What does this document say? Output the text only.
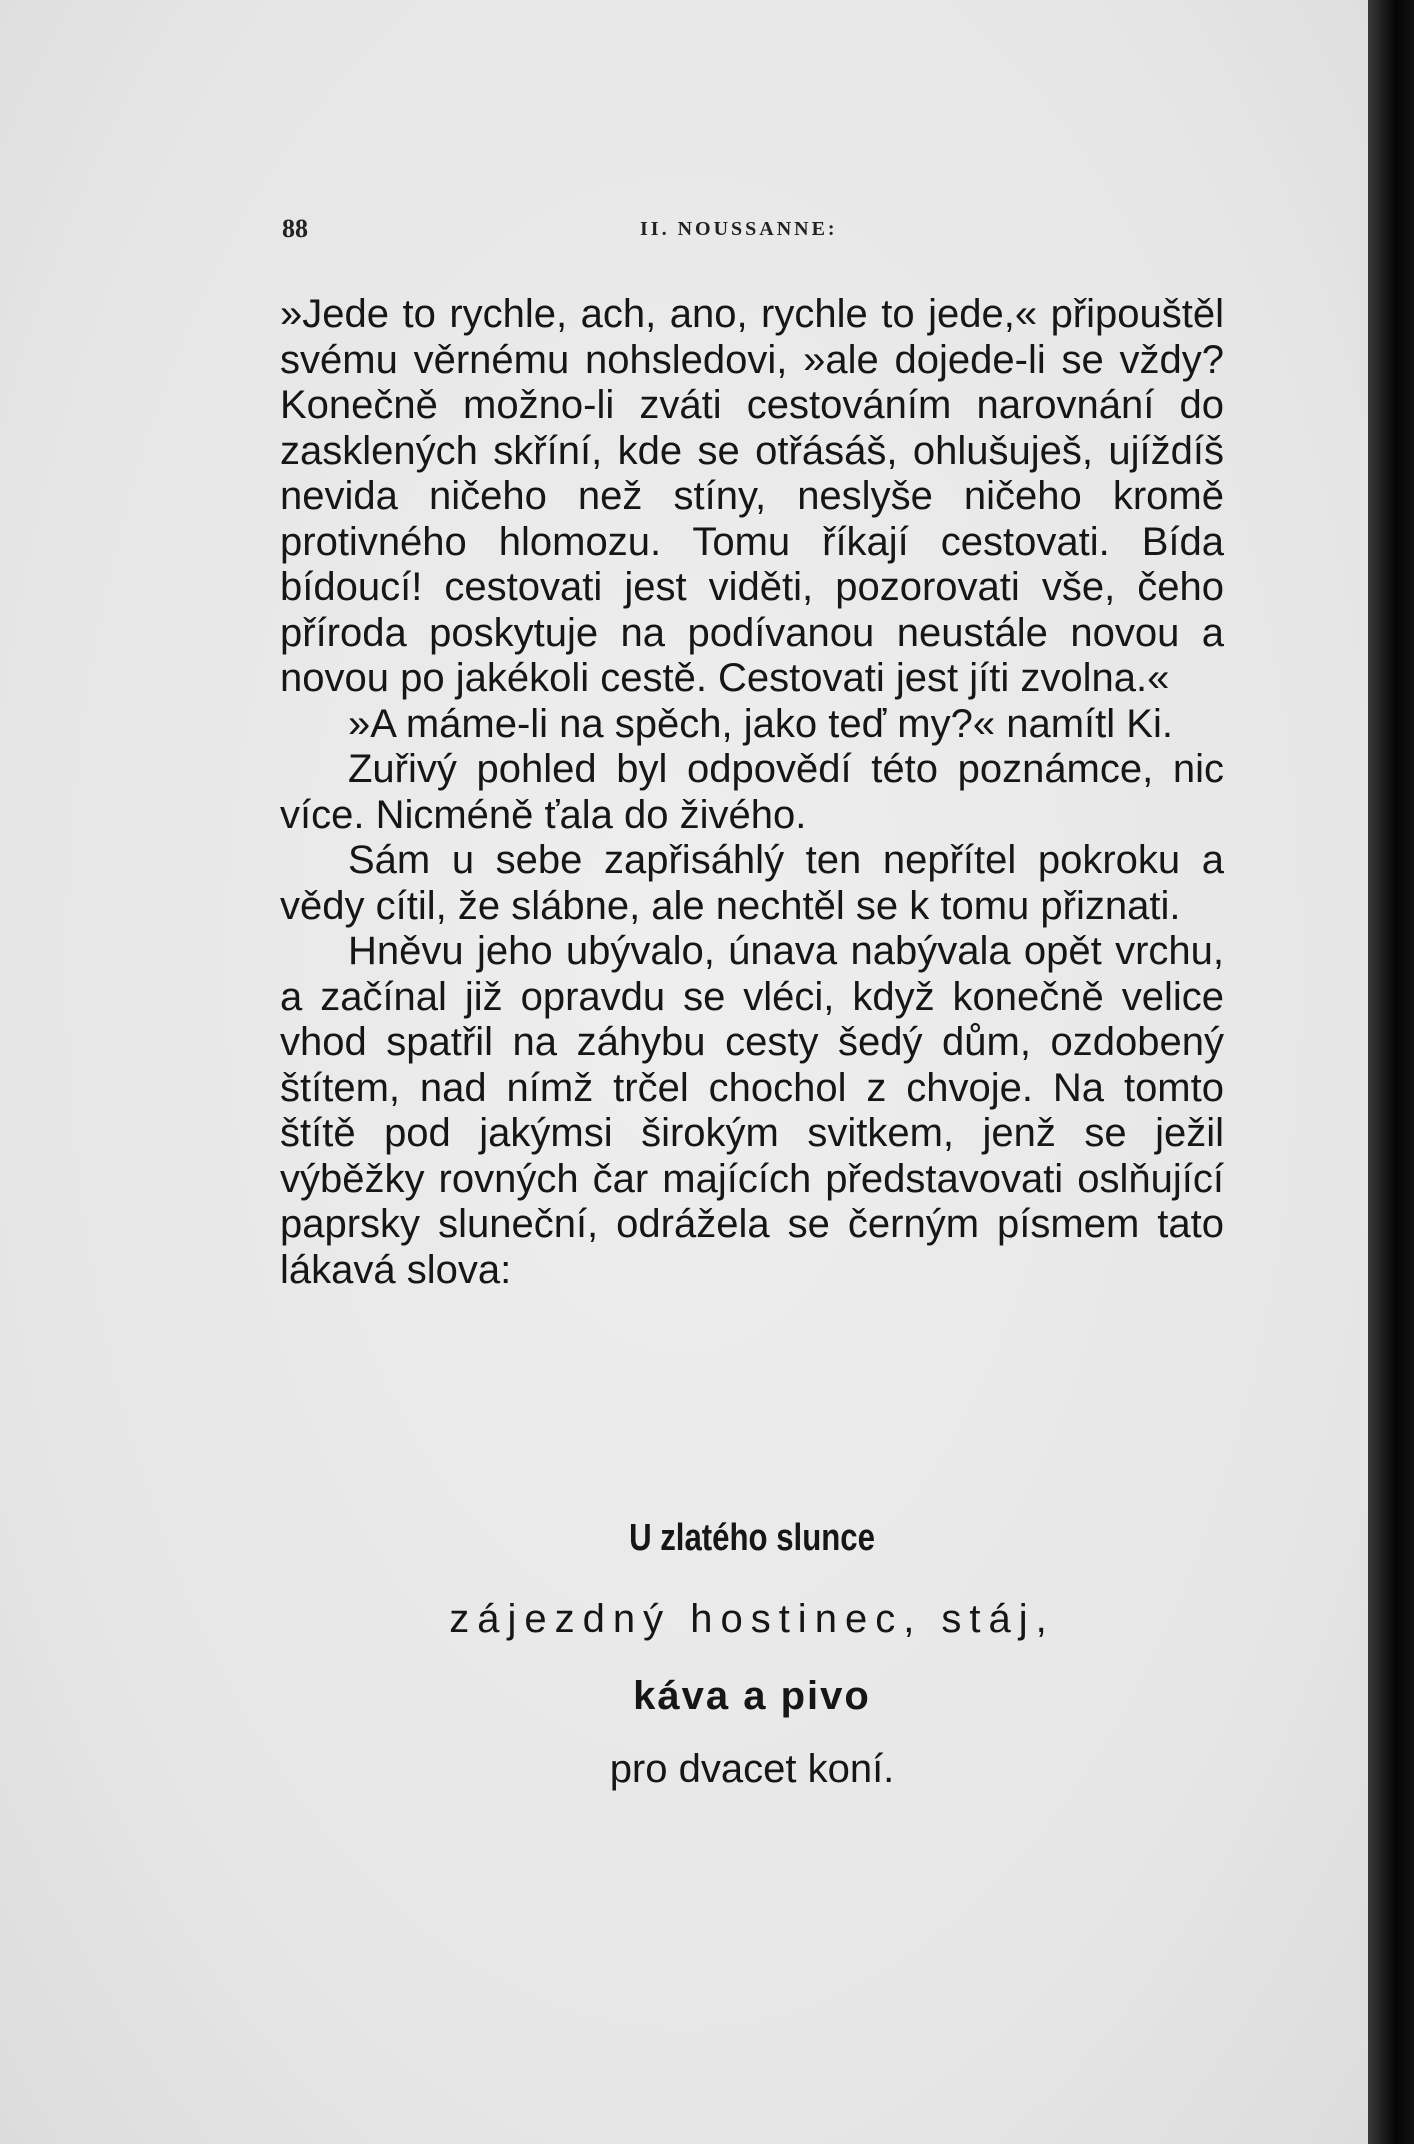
88	II. NOUSSANNE:

»Jede to rychle, ach, ano, rychle to jede,« připouštěl svému věrnému nohsledovi, »ale dojede-li se vždy? Konečně možno-li zváti cestováním narovnání do zasklených skříní, kde se otřásáš, ohlušuješ, ujíždíš nevida ničeho než stíny, neslyše ničeho kromě protivného hlomozu. Tomu říkají cestovati. Bída bídoucí! cestovati jest viděti, pozorovati vše, čeho příroda poskytuje na podívanou neustále novou a novou po jakékoli cestě. Cestovati jest jíti zvolna.«

»A máme-li na spěch, jako teď my?« namítl Ki.

Zuřivý pohled byl odpovědí této poznámce, nic více. Nicméně ťala do živého.

Sám u sebe zapřisáhlý ten nepřítel pokroku a vědy cítil, že slábne, ale nechtěl se k tomu přiznati.

Hněvu jeho ubývalo, únava nabývala opět vrchu, a začínal již opravdu se vléci, když konečně velice vhod spatřil na záhybu cesty šedý dům, ozdobený štítem, nad nímž trčel chochol z chvoje. Na tomto štítě pod jakýmsi širokým svitkem, jenž se ježil výběžky rovných čar majících představovati oslňující paprsky sluneční, odrážela se černým písmem tato lákavá slova:

U zlatého slunce
zájezdný hostinec, stáj,
káva a pivo
pro dvacet koní.
